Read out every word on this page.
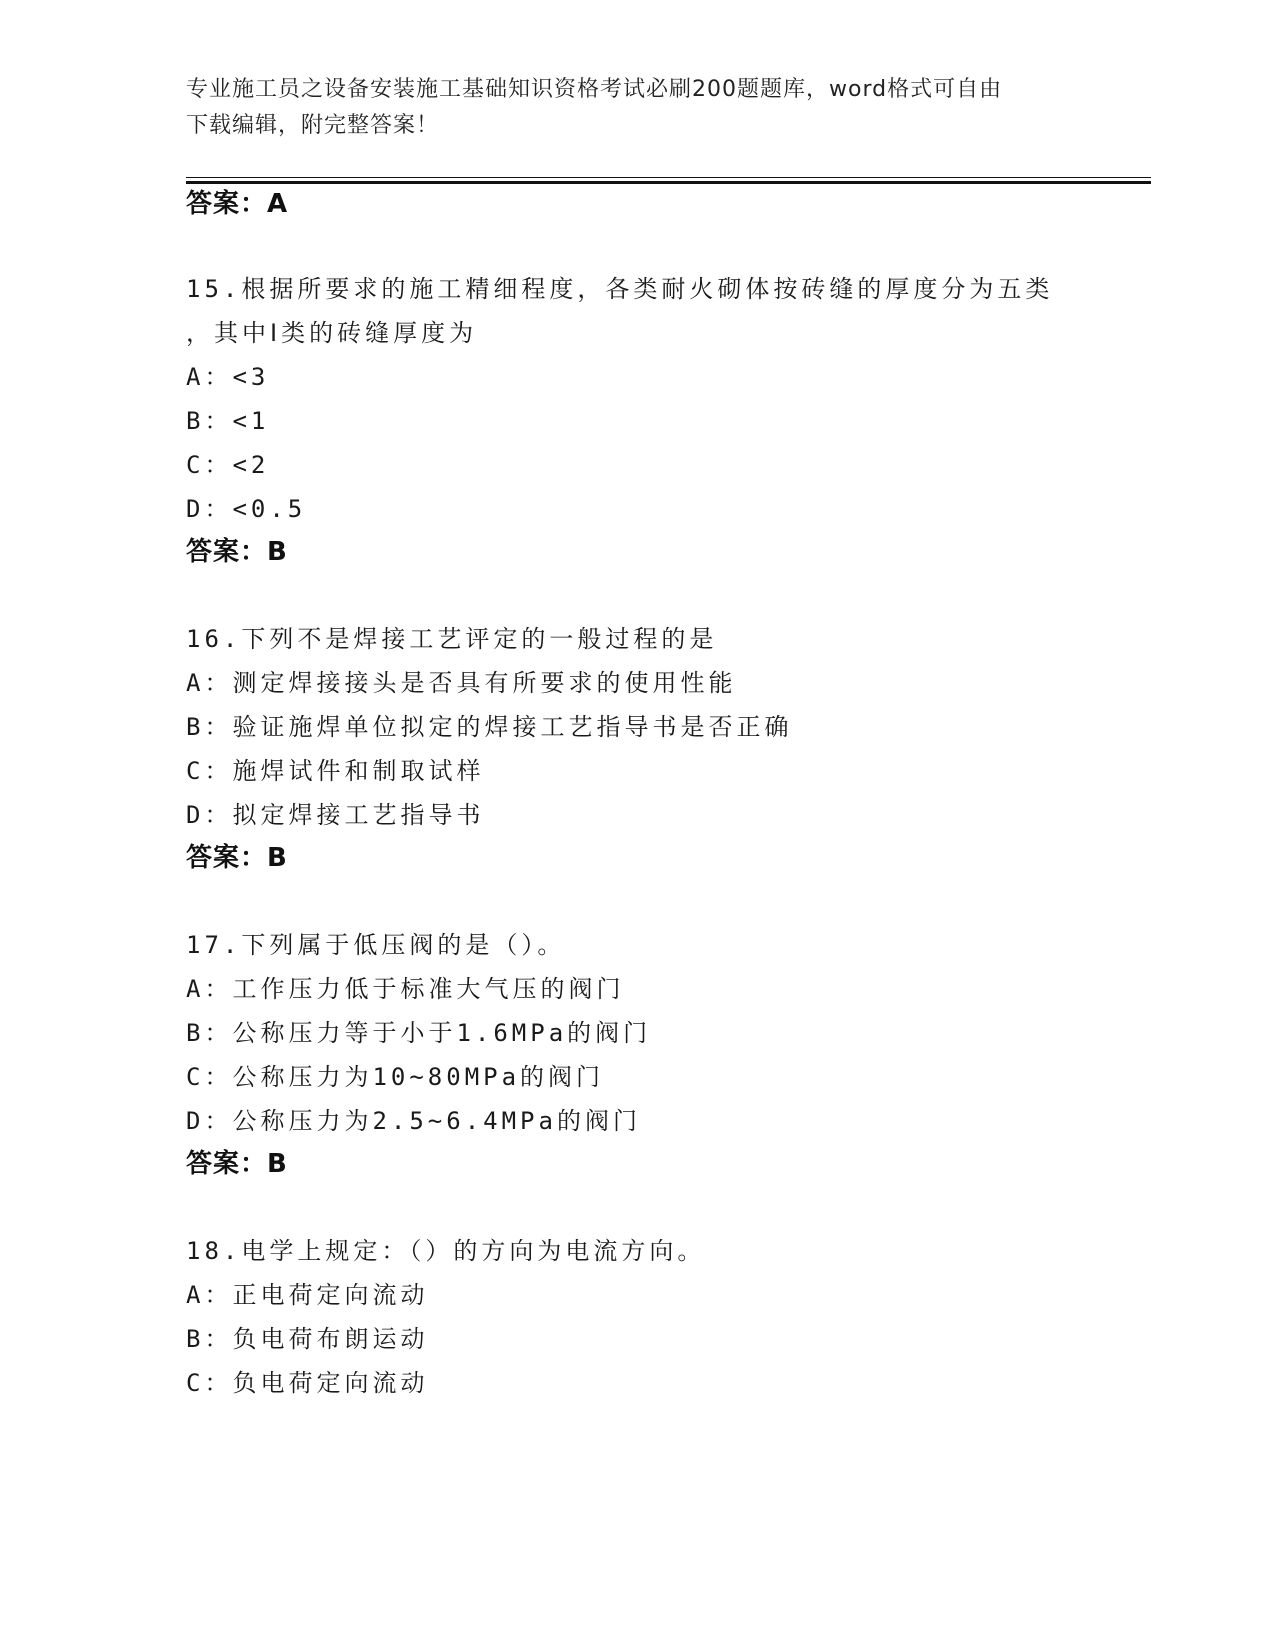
专业施工员之设备安装施工基础知识资格考试必刷200题题库，word格式可自由
下载编辑，附完整答案！
答案：A
15.根据所要求的施工精细程度，各类耐火砌体按砖缝的厚度分为五类
，其中Ⅰ类的砖缝厚度为
A：<3
B：<1
C：<2
D：<0.5
答案：B
16.下列不是焊接工艺评定的一般过程的是
A：测定焊接接头是否具有所要求的使用性能
B：验证施焊单位拟定的焊接工艺指导书是否正确
C：施焊试件和制取试样
D：拟定焊接工艺指导书
答案：B
17.下列属于低压阀的是（）。
A：工作压力低于标准大气压的阀门
B：公称压力等于小于1.6MPa的阀门
C：公称压力为10~80MPa的阀门
D：公称压力为2.5~6.4MPa的阀门
答案：B
18.电学上规定：（）的方向为电流方向。
A：正电荷定向流动
B：负电荷布朗运动
C：负电荷定向流动
